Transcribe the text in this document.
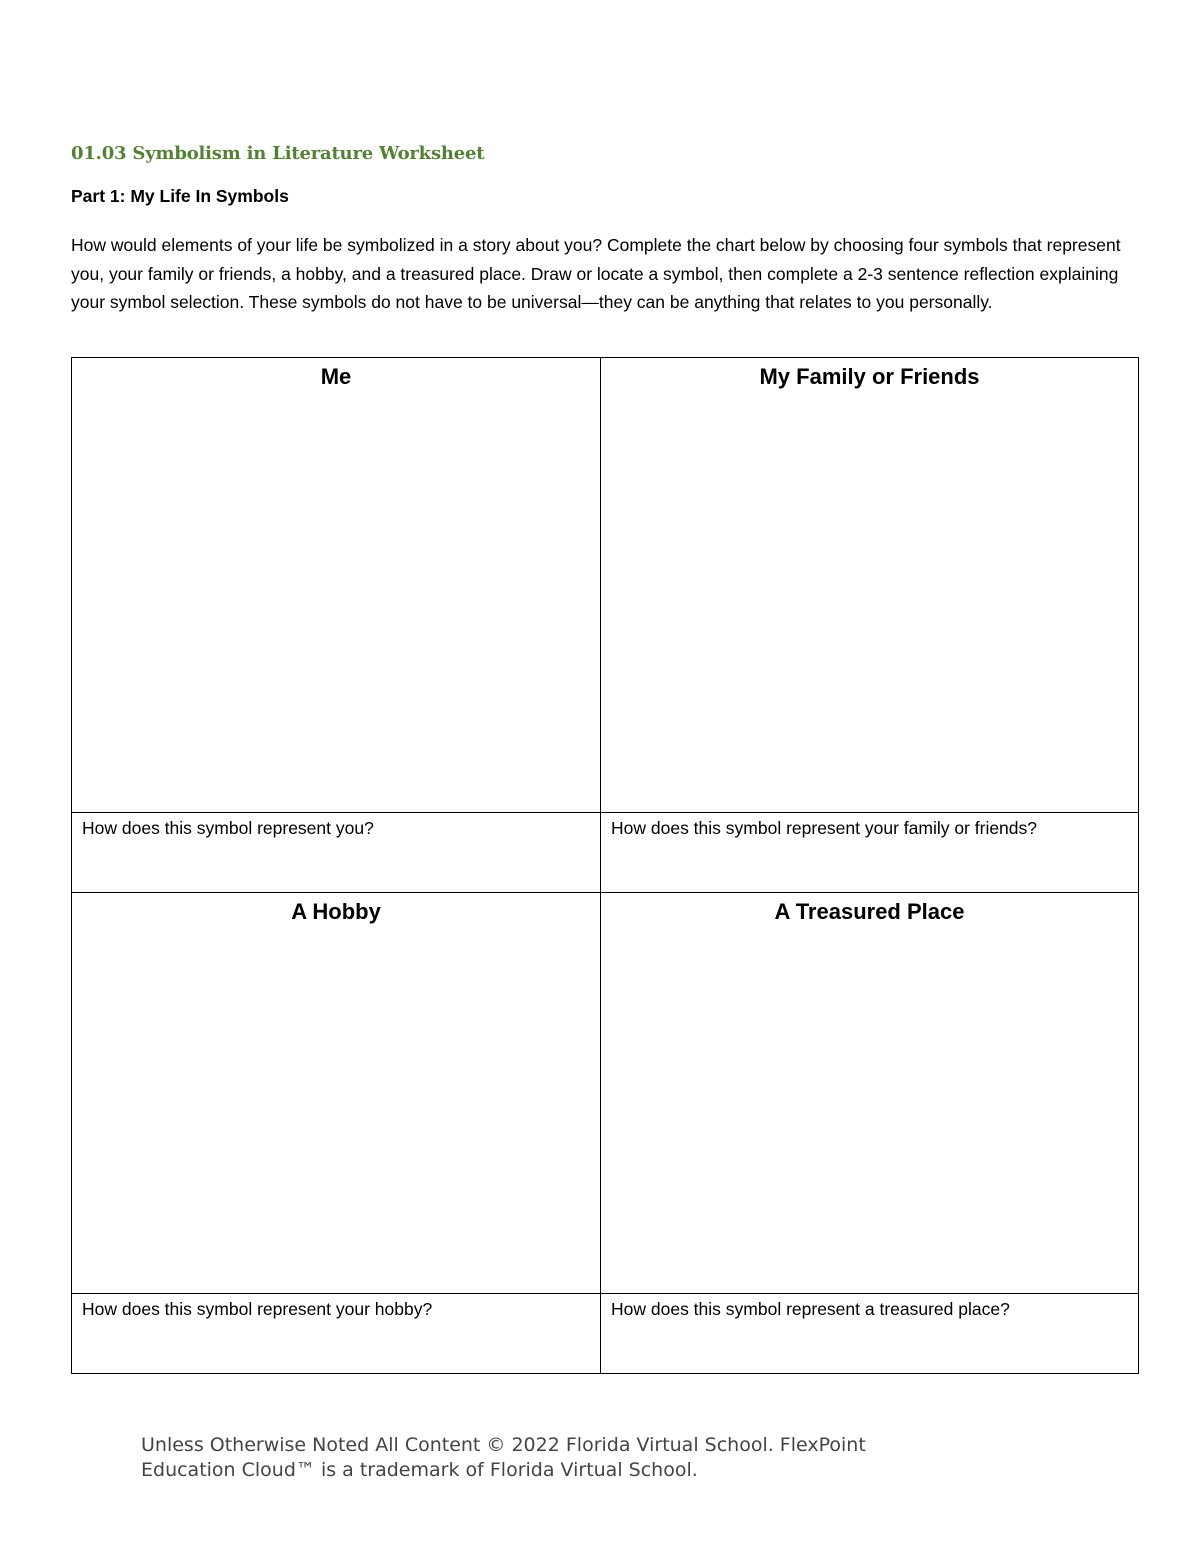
01.03 Symbolism in Literature Worksheet
Part 1: My Life In Symbols
How would elements of your life be symbolized in a story about you? Complete the chart below by choosing four symbols that represent you, your family or friends, a hobby, and a treasured place. Draw or locate a symbol, then complete a 2-3 sentence reflection explaining your symbol selection. These symbols do not have to be universal—they can be anything that relates to you personally.
Me	My Family or Friends
How does this symbol represent you?	How does this symbol represent your family or friends?
A Hobby	A Treasured Place
How does this symbol represent your hobby?	How does this symbol represent a treasured place?
Unless Otherwise Noted All Content © 2022 Florida Virtual School. FlexPoint
Education Cloud™ is a trademark of Florida Virtual School.
